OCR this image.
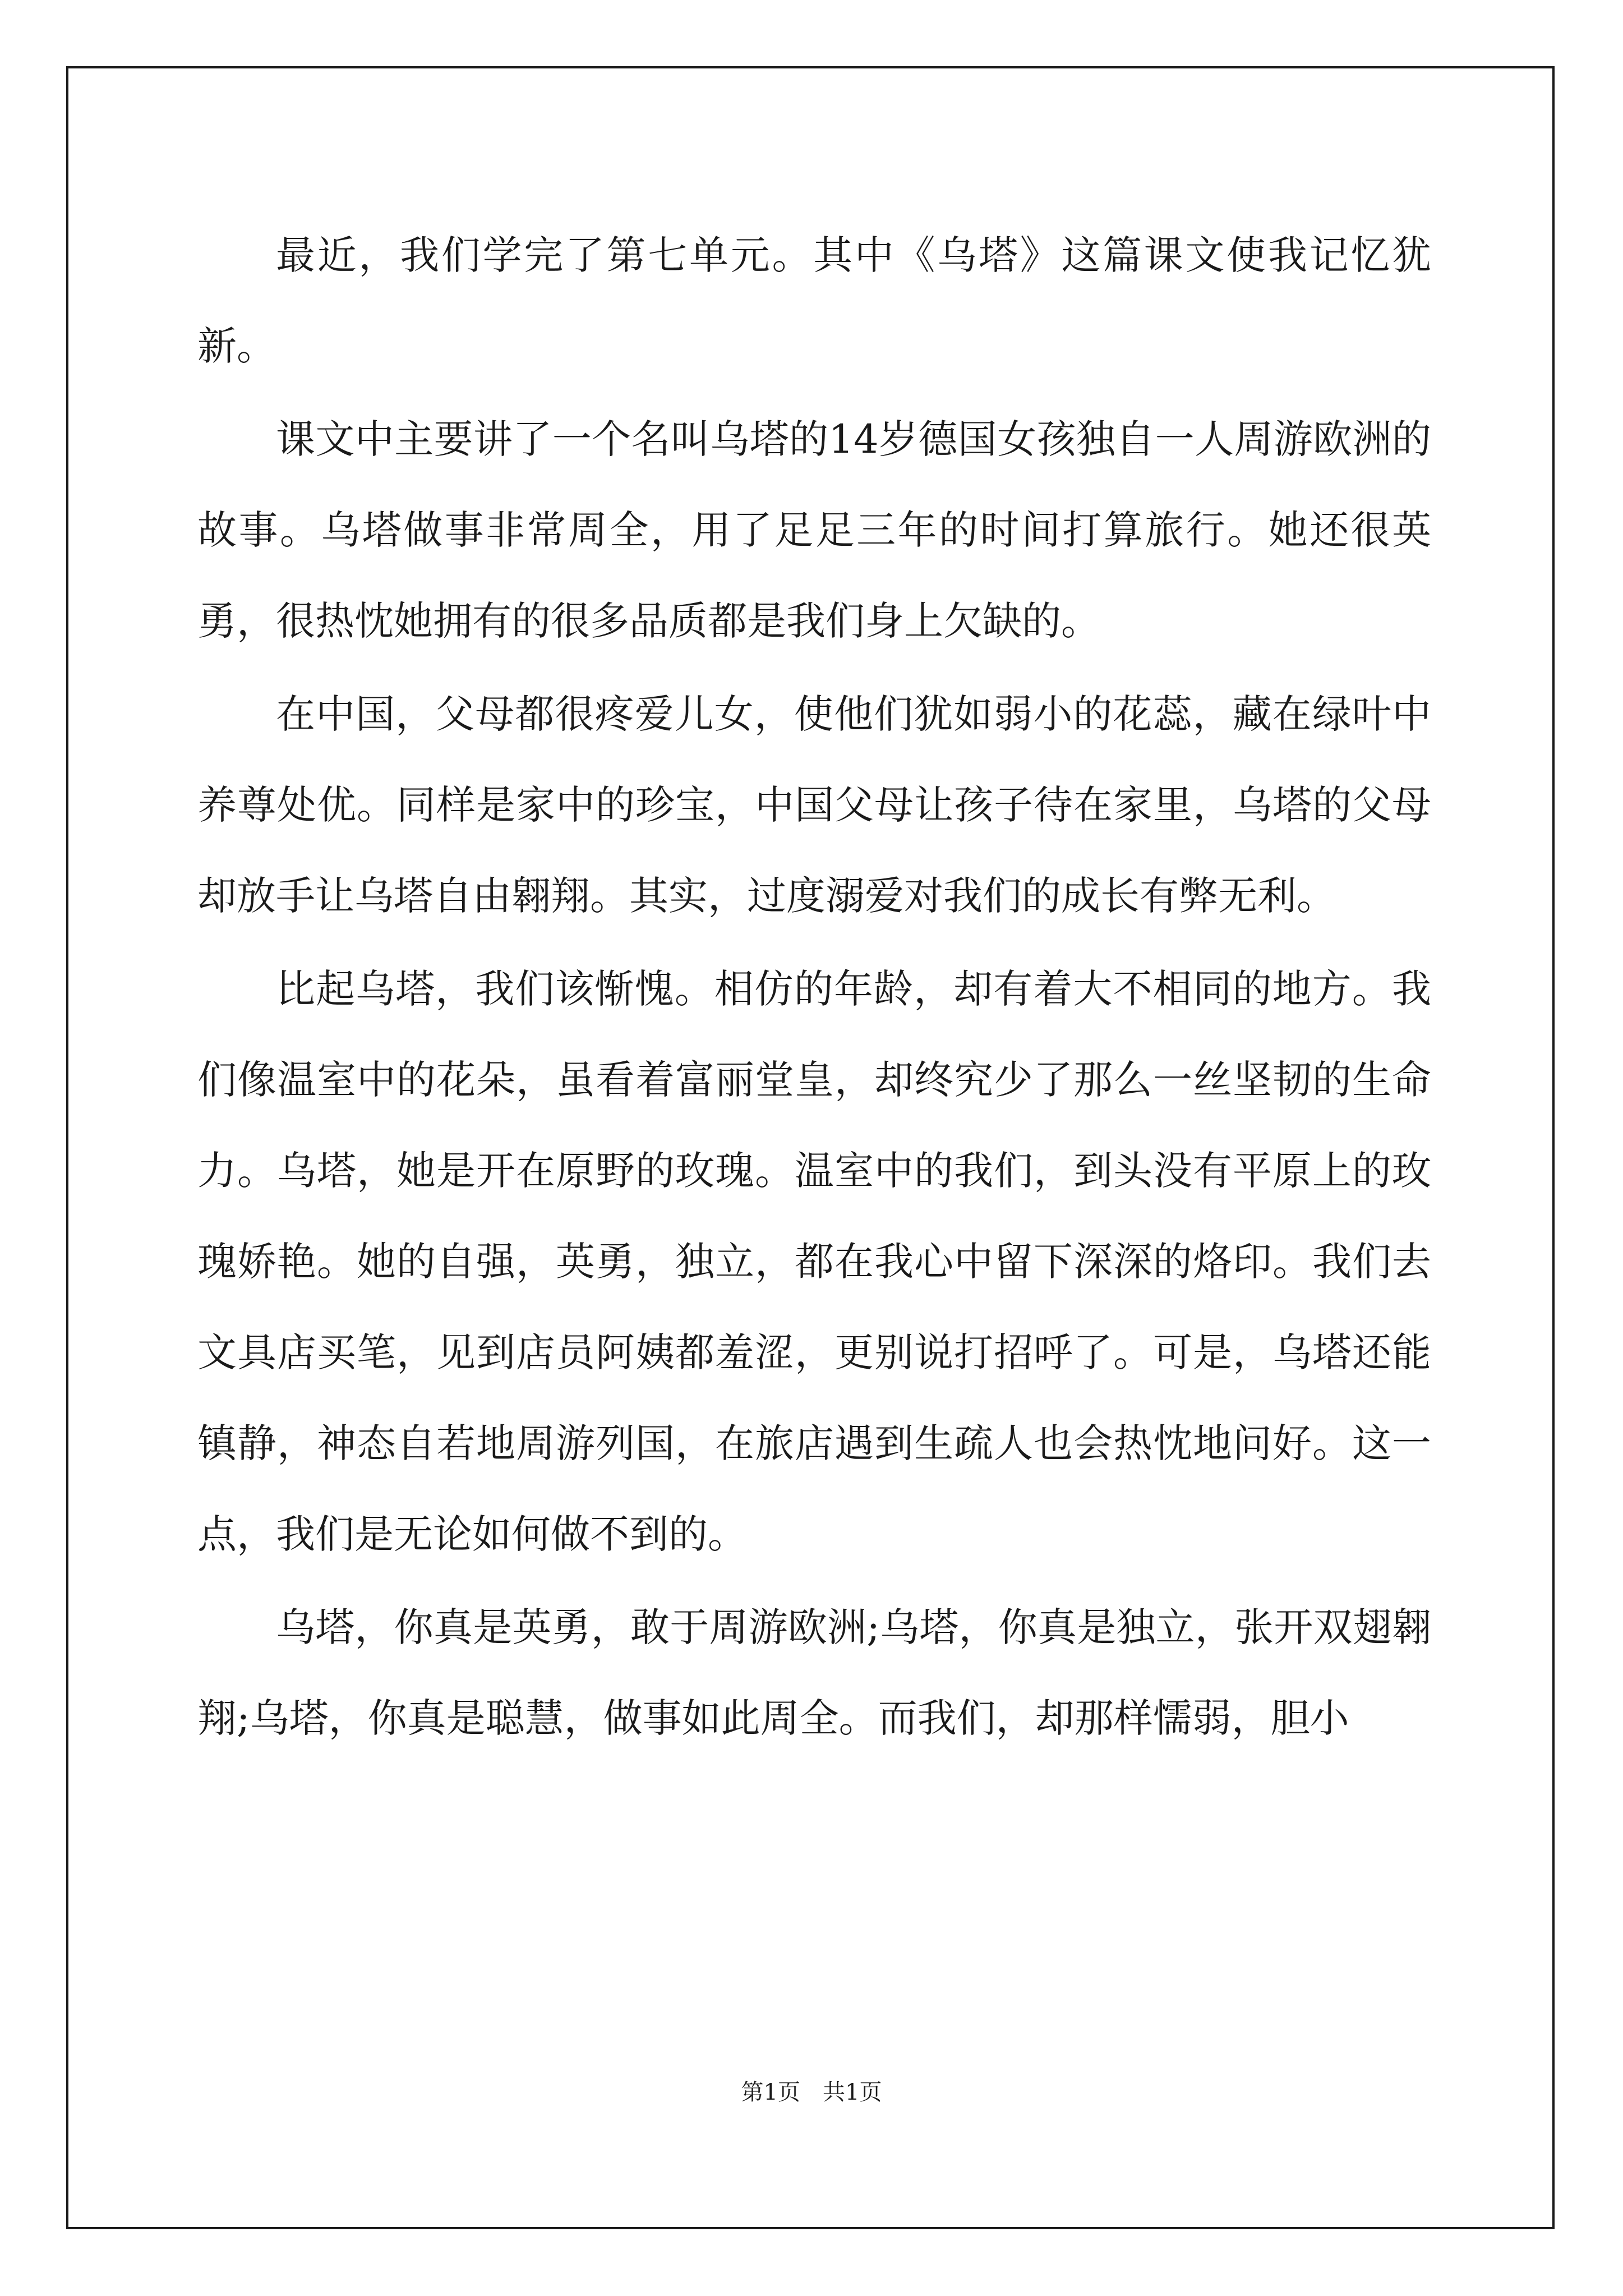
最近，我们学完了第七单元。其中《乌塔》这篇课文使我记忆犹新。

课文中主要讲了一个名叫乌塔的14岁德国女孩独自一人周游欧洲的故事。乌塔做事非常周全，用了足足三年的时间打算旅行。她还很英勇，很热忱她拥有的很多品质都是我们身上欠缺的。

在中国，父母都很疼爱儿女，使他们犹如弱小的花蕊，藏在绿叶中养尊处优。同样是家中的珍宝，中国父母让孩子待在家里，乌塔的父母却放手让乌塔自由翱翔。其实，过度溺爱对我们的成长有弊无利。

比起乌塔，我们该惭愧。相仿的年龄，却有着大不相同的地方。我们像温室中的花朵，虽看着富丽堂皇，却终究少了那么一丝坚韧的生命力。乌塔，她是开在原野的玫瑰。温室中的我们，到头没有平原上的玫瑰娇艳。她的自强，英勇，独立，都在我心中留下深深的烙印。我们去文具店买笔，见到店员阿姨都羞涩，更别说打招呼了。可是，乌塔还能镇静，神态自若地周游列国，在旅店遇到生疏人也会热忱地问好。这一点，我们是无论如何做不到的。

乌塔，你真是英勇，敢于周游欧洲;乌塔，你真是独立，张开双翅翱翔;乌塔，你真是聪慧，做事如此周全。而我们，却那样懦弱，胆小

第1页 共1页
